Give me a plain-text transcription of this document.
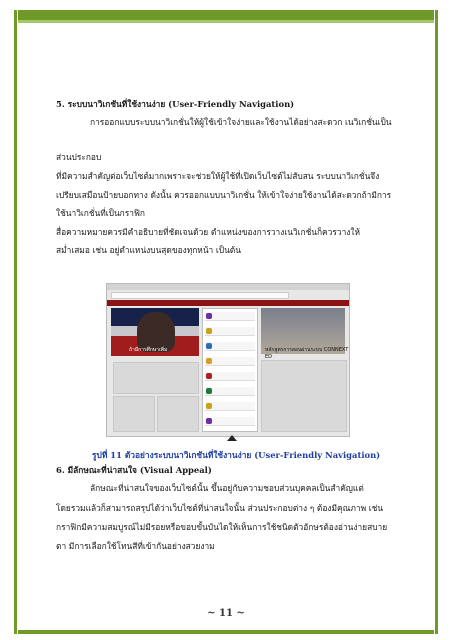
5. ระบบนาวิเกชันที่ใช้งานง่าย (User-Friendly Navigation)
การออกแบบระบบนาวิเกชั่นให้ผู้ใช้เข้าใจง่ายและใช้งานได้อย่างสะดวก เนวิเกชั่นเป็น
ส่วนประกอบ
ที่มีความสำคัญต่อเว็บไซต์มากเพราะจะช่วยให้ผู้ใช้ที่เปิดเว็บไซต์ไม่สับสน ระบบนาวิเกชั่นจึง
เปรียบเสมือนป้ายบอกทาง ดังนั้น ควรออกแบบนาวิเกชั่น ให้เข้าใจง่ายใช้งานได้สะดวกถ้ามีการ
ใช้นาวิเกชั่นที่เป็นกราฟิก
สื่อความหมายควรมีคำอธิบายที่ชัดเจนด้วย ตำแหน่งของการวางเนวิเกชั่นก็ควรวางให้
สม่ำเสมอ เช่น อยู่ตำแหน่งบนสุดของทุกหน้า เป็นต้น
ถ้ามีการศึกษาเพิ่ม	หลักสูตรการสอนผ่านระบบ CONNEXT ED
รูปที่ 11 ตัวอย่างระบบนาวิเกชันที่ใช้งานง่าย (User-Friendly Navigation)
6. มีลักษณะที่น่าสนใจ (Visual Appeal)
ลักษณะที่น่าสนใจของเว็บไซต์นั้น ขึ้นอยู่กับความชอบส่วนบุคคลเป็นสำคัญแต่
โดยรวมแล้วก็สามารถสรุปได้ว่าเว็บไซต์ที่น่าสนใจนั้น ส่วนประกอบต่าง ๆ ต้องมีคุณภาพ เช่น
กราฟิกมีความสมบูรณ์ไม่มีรอยหรือขอบขั้นบันไดให้เห็นการใช้ชนิดตัวอักษรต้องอ่านง่ายสบาย
ตา มีการเลือกใช้โทนสีที่เข้ากันอย่างสวยงาม
~ 11 ~
